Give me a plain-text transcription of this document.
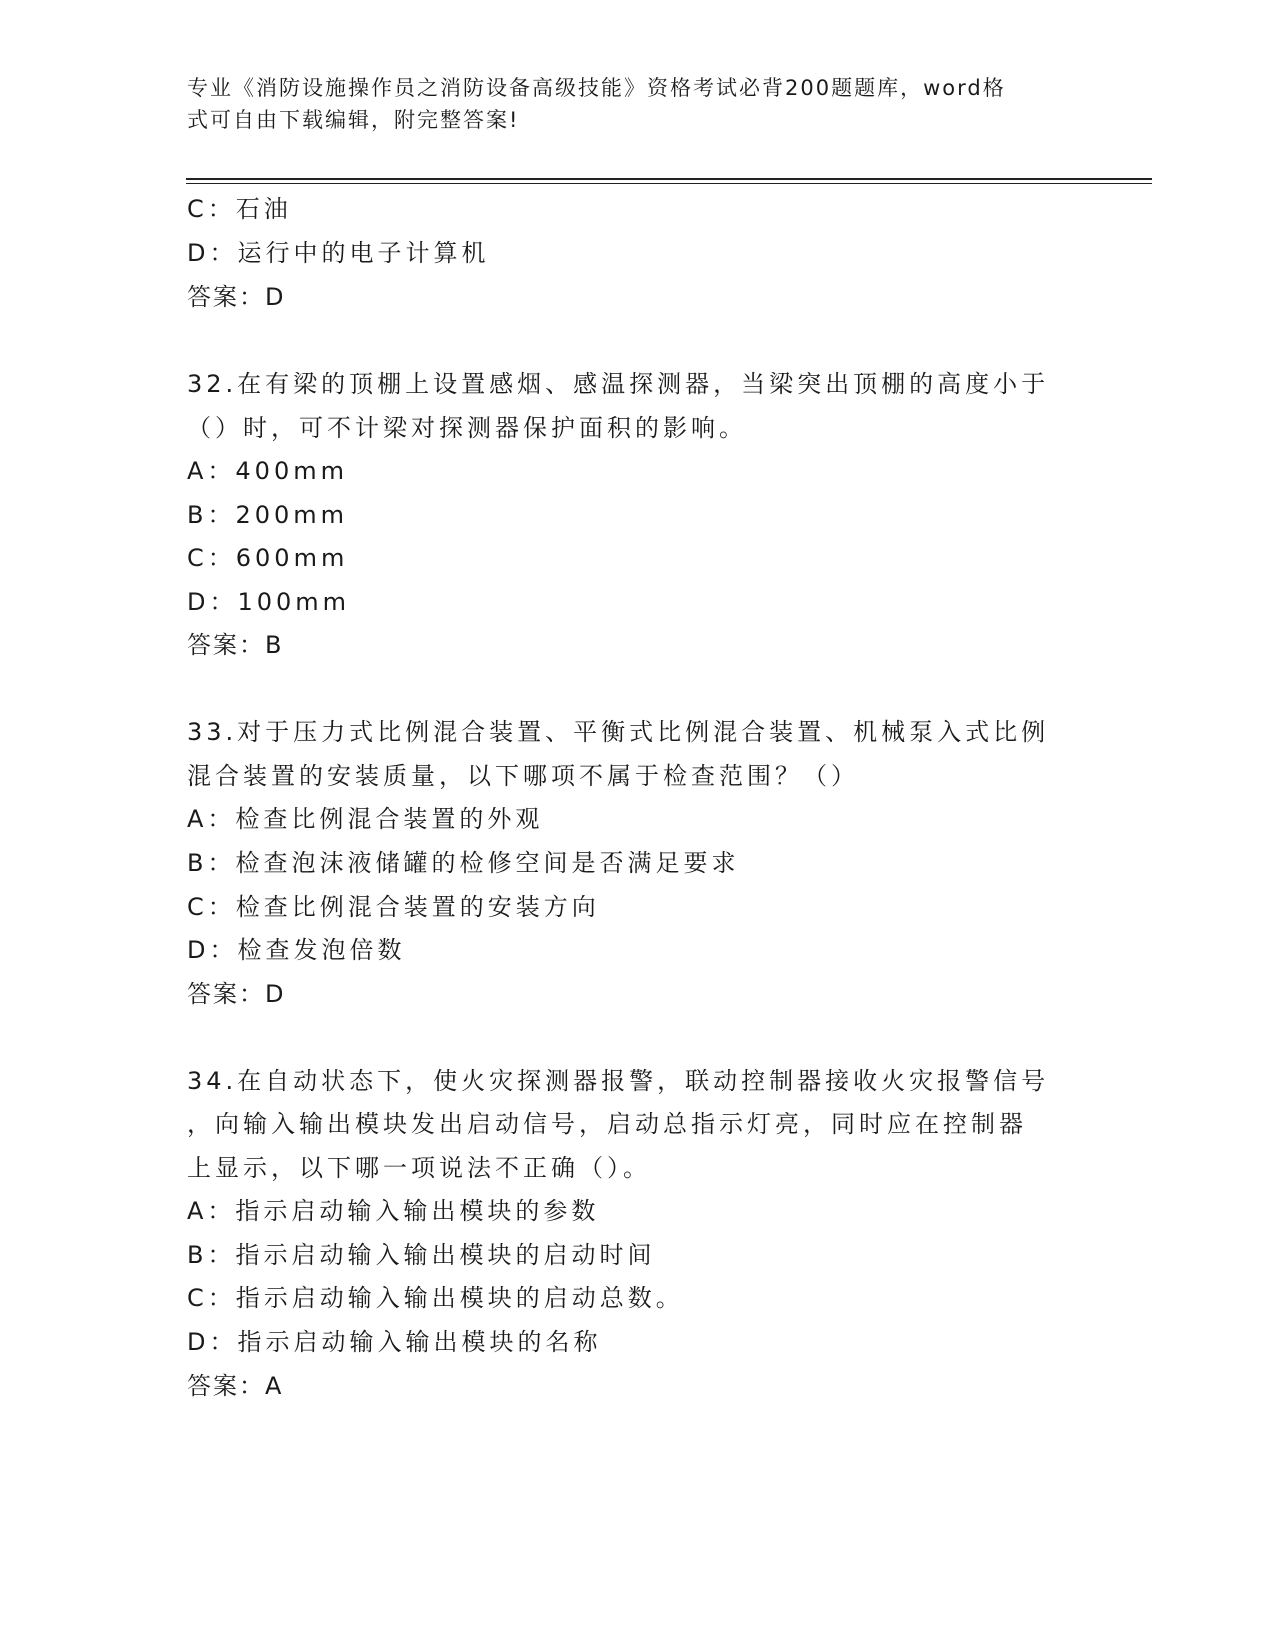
专业《消防设施操作员之消防设备高级技能》资格考试必背200题题库，word格
式可自由下载编辑，附完整答案!
C：石油
D：运行中的电子计算机
答案：D
32.在有梁的顶棚上设置感烟、感温探测器，当梁突出顶棚的高度小于
（）时，可不计梁对探测器保护面积的影响。
A：400mm
B：200mm
C：600mm
D：100mm
答案：B
33.对于压力式比例混合装置、平衡式比例混合装置、机械泵入式比例
混合装置的安装质量，以下哪项不属于检查范围？（）
A：检查比例混合装置的外观
B：检查泡沫液储罐的检修空间是否满足要求
C：检查比例混合装置的安装方向
D：检查发泡倍数
答案：D
34.在自动状态下，使火灾探测器报警，联动控制器接收火灾报警信号
，向输入输出模块发出启动信号，启动总指示灯亮，同时应在控制器
上显示，以下哪一项说法不正确（）。
A：指示启动输入输出模块的参数
B：指示启动输入输出模块的启动时间
C：指示启动输入输出模块的启动总数。
D：指示启动输入输出模块的名称
答案：A
